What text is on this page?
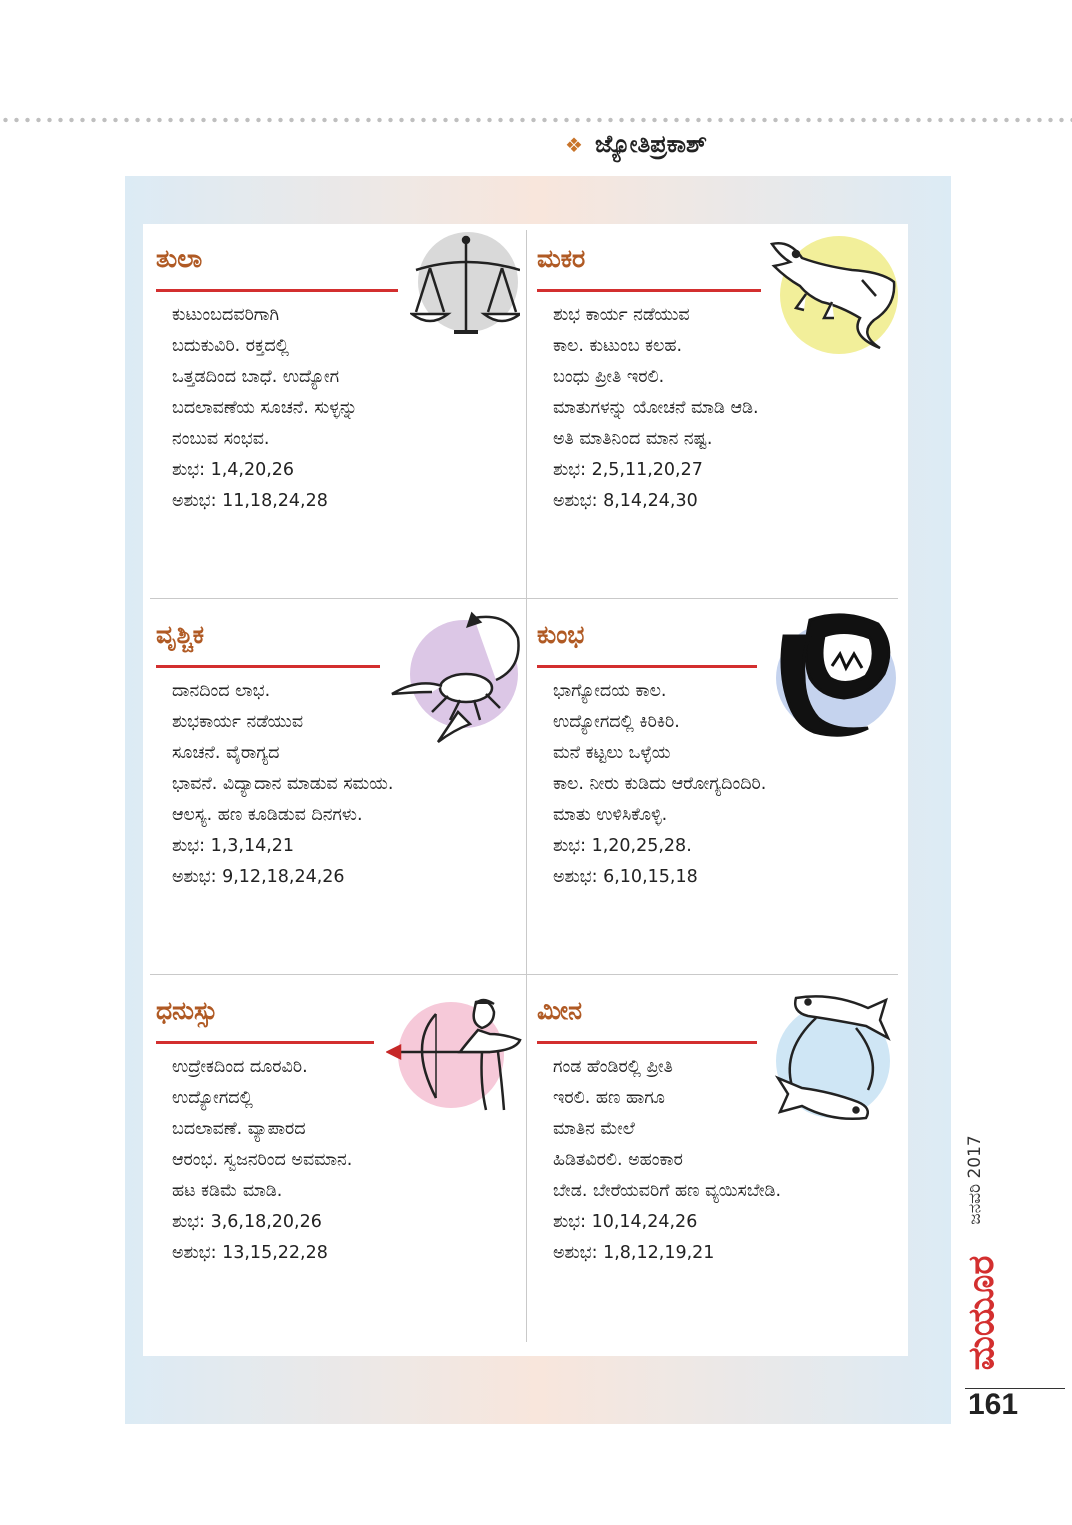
❖ ಜ್ಯೋತಿಪ್ರಕಾಶ್
ತುಲಾ
ಕುಟುಂಬದವರಿಗಾಗಿ
ಬದುಕುವಿರಿ. ರಕ್ತದಲ್ಲಿ
ಒತ್ತಡದಿಂದ ಬಾಧೆ. ಉದ್ಯೋಗ
ಬದಲಾವಣೆಯ ಸೂಚನೆ. ಸುಳ್ಳನ್ನು
ನಂಬುವ ಸಂಭವ.
ಶುಭ: 1,4,20,26
ಅಶುಭ: 11,18,24,28
ಮಕರ
ಶುಭ ಕಾರ್ಯ ನಡೆಯುವ
ಕಾಲ. ಕುಟುಂಬ ಕಲಹ.
ಬಂಧು ಪ್ರೀತಿ ಇರಲಿ.
ಮಾತುಗಳನ್ನು ಯೋಚನೆ ಮಾಡಿ ಆಡಿ.
ಅತಿ ಮಾತಿನಿಂದ ಮಾನ ನಷ್ಟ.
ಶುಭ: 2,5,11,20,27
ಅಶುಭ: 8,14,24,30
ವೃಶ್ಚಿಕ
ದಾನದಿಂದ ಲಾಭ.
ಶುಭಕಾರ್ಯ ನಡೆಯುವ
ಸೂಚನೆ. ವೈರಾಗ್ಯದ
ಭಾವನೆ. ವಿದ್ಯಾದಾನ ಮಾಡುವ ಸಮಯ.
ಆಲಸ್ಯ. ಹಣ ಕೂಡಿಡುವ ದಿನಗಳು.
ಶುಭ: 1,3,14,21
ಅಶುಭ: 9,12,18,24,26
ಕುಂಭ
ಭಾಗ್ಯೋದಯ ಕಾಲ.
ಉದ್ಯೋಗದಲ್ಲಿ ಕಿರಿಕಿರಿ.
ಮನೆ ಕಟ್ಟಲು ಒಳ್ಳೆಯ
ಕಾಲ. ನೀರು ಕುಡಿದು ಆರೋಗ್ಯದಿಂದಿರಿ.
ಮಾತು ಉಳಿಸಿಕೊಳ್ಳಿ.
ಶುಭ: 1,20,25,28.
ಅಶುಭ: 6,10,15,18
ಧನುಸ್ಸು
ಉದ್ರೇಕದಿಂದ ದೂರವಿರಿ.
ಉದ್ಯೋಗದಲ್ಲಿ
ಬದಲಾವಣೆ. ವ್ಯಾಪಾರದ
ಆರಂಭ. ಸ್ವಜನರಿಂದ ಅವಮಾನ.
ಹಟ ಕಡಿಮೆ ಮಾಡಿ.
ಶುಭ: 3,6,18,20,26
ಅಶುಭ: 13,15,22,28
ಮೀನ
ಗಂಡ ಹೆಂಡಿರಲ್ಲಿ ಪ್ರೀತಿ
ಇರಲಿ. ಹಣ ಹಾಗೂ
ಮಾತಿನ ಮೇಲೆ
ಹಿಡಿತವಿರಲಿ. ಅಹಂಕಾರ
ಬೇಡ. ಬೇರೆಯವರಿಗೆ ಹಣ ವ್ಯಯಿಸಬೇಡಿ.
ಶುಭ: 10,14,24,26
ಅಶುಭ: 1,8,12,19,21
ಜನವರಿ 2017
ಮಯೂರ
161
